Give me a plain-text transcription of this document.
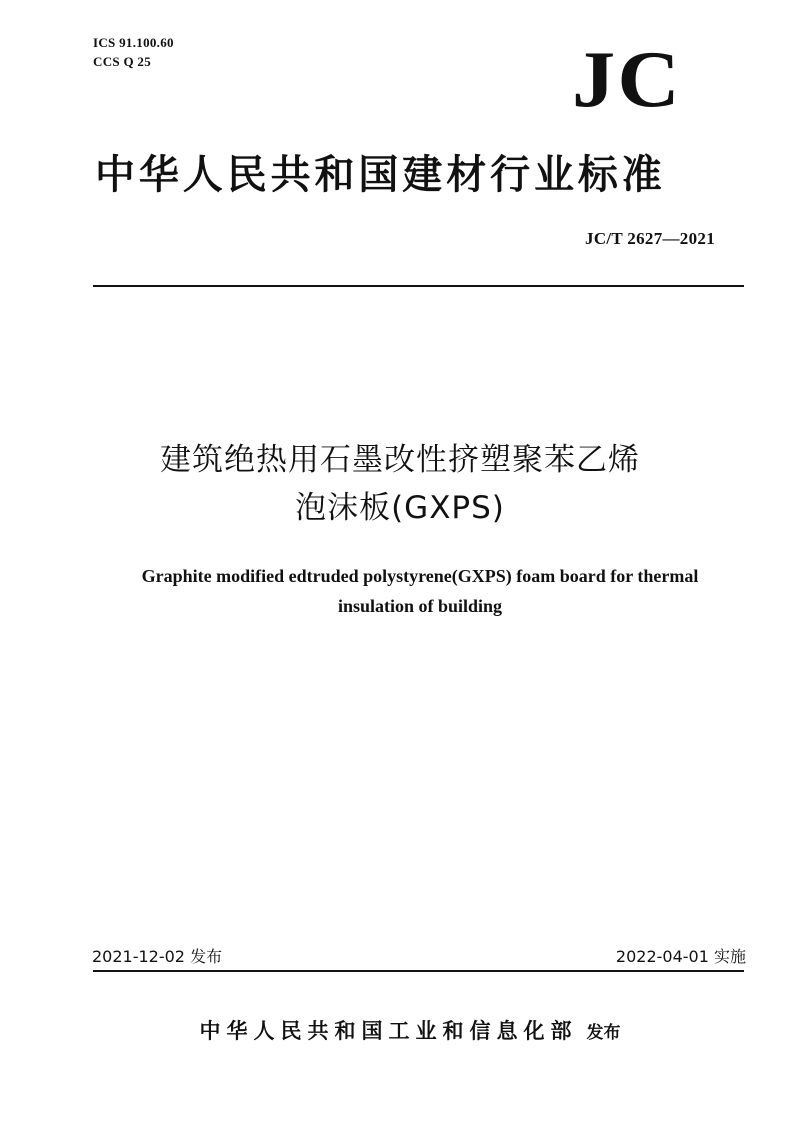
ICS 91.100.60
CCS Q 25	JC
中华人民共和国建材行业标准
JC/T 2627—2021
建筑绝热用石墨改性挤塑聚苯乙烯
泡沫板(GXPS)
Graphite modified edtruded polystyrene(GXPS) foam board for thermal
insulation of building
2021-12-02 发布	2022-04-01 实施
中华人民共和国工业和信息化部 发布
